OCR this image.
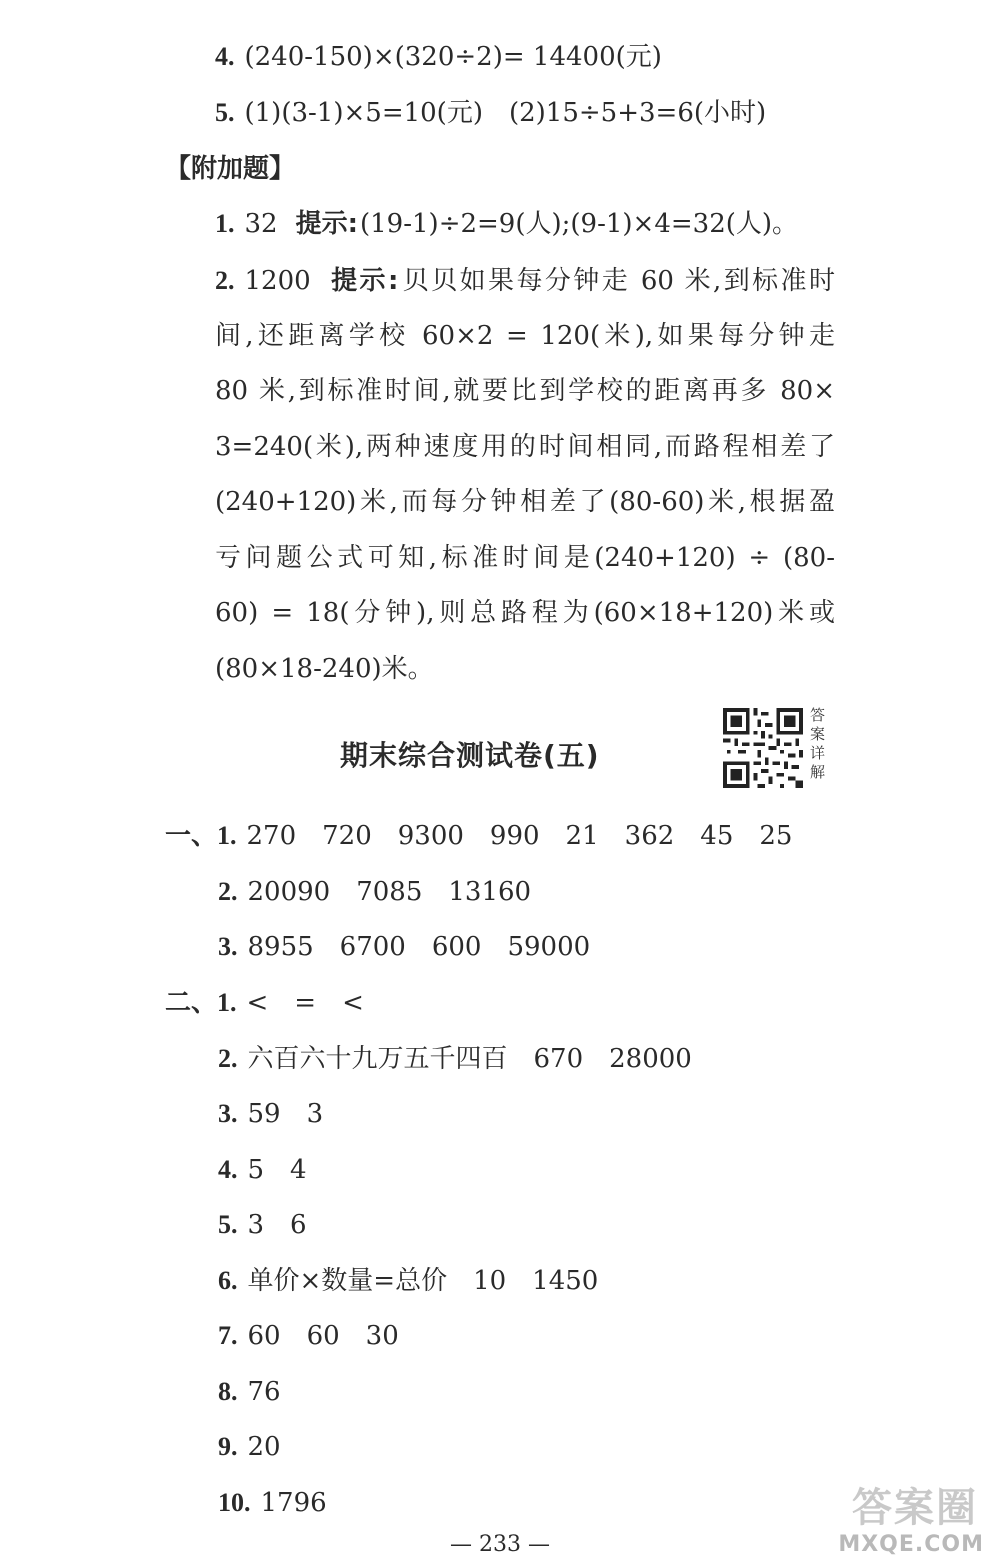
4. (240-150)×(320÷2)= 14400(元)
5. (1)(3-1)×5=10(元)　(2)15÷5+3=6(小时)
【附加题】
1. 32 提示:(19-1)÷2=9(人);(9-1)×4=32(人)。
2. 1200 提示:贝贝如果每分钟走 60 米,到标准时
间,还距离学校 60×2 = 120(米),如果每分钟走
80 米,到标准时间,就要比到学校的距离再多 80×
3=240(米),两种速度用的时间相同,而路程相差了
(240+120)米,而每分钟相差了(80-60)米,根据盈
亏问题公式可知,标准时间是(240+120) ÷ (80-
60) = 18(分钟),则总路程为(60×18+120)米或
(80×18-240)米。
期末综合测试卷(五)
答
案
详
解
一、1. 270　720　9300　990　21　362　45　25
2. 20090　7085　13160
3. 8955　6700　600　59000
二、1. <　=　<
2. 六百六十九万五千四百　670　28000
3. 59　3
4. 5　4
5. 3　6
6. 单价×数量=总价　10　1450
7. 60　60　30
8. 76
9. 20
10. 1796
— 233 —
答案圈
MXQE.COM
